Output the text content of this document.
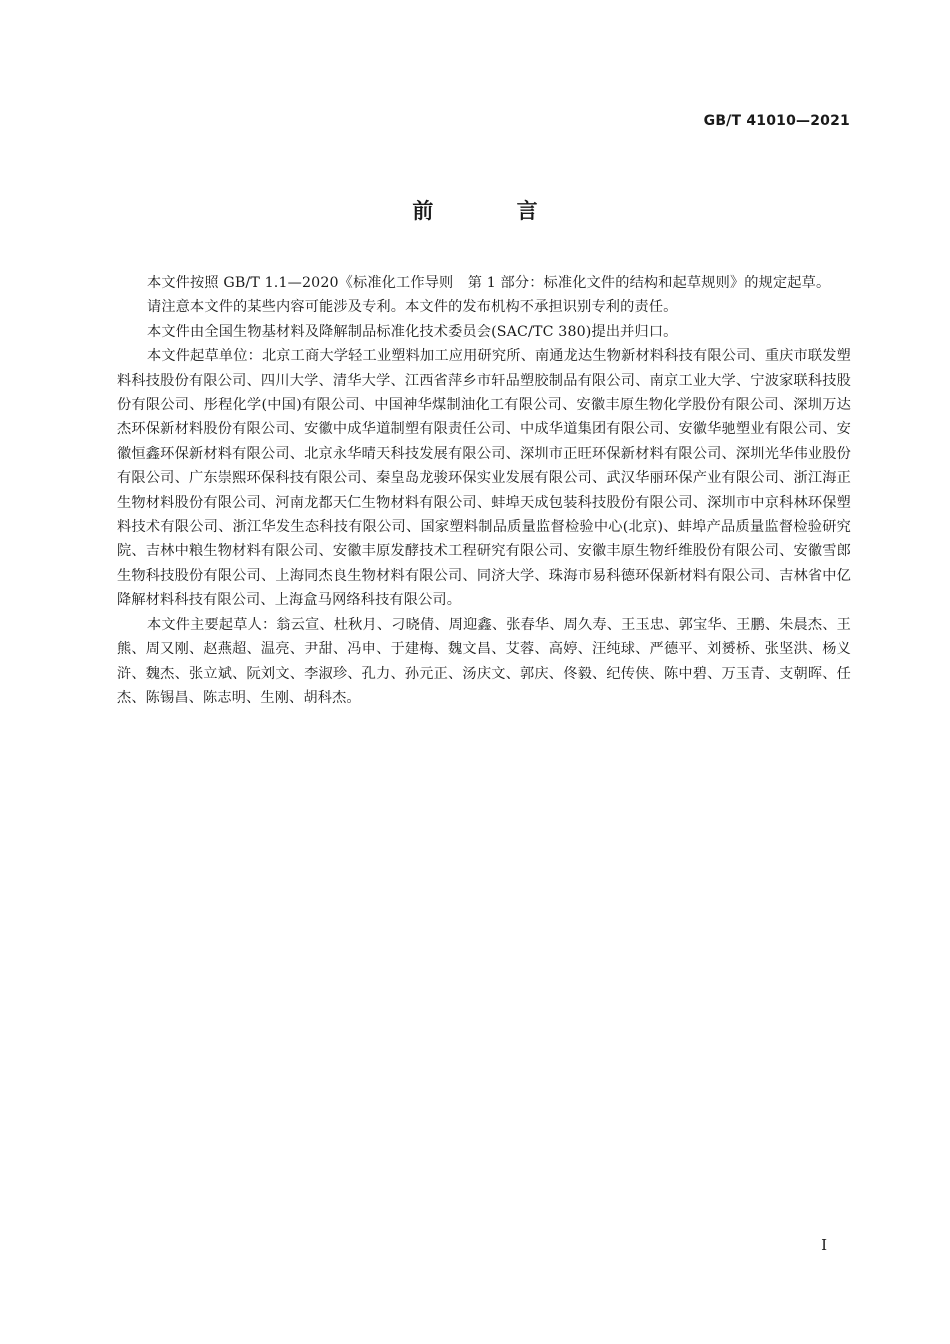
GB/T 41010—2021
前 言

本文件按照 GB/T 1.1—2020《标准化工作导则　第 1 部分：标准化文件的结构和起草规则》的规定起草。

请注意本文件的某些内容可能涉及专利。本文件的发布机构不承担识别专利的责任。

本文件由全国生物基材料及降解制品标准化技术委员会(SAC/TC 380)提出并归口。

本文件起草单位：北京工商大学轻工业塑料加工应用研究所、南通龙达生物新材料科技有限公司、重庆市联发塑料科技股份有限公司、四川大学、清华大学、江西省萍乡市轩品塑胶制品有限公司、南京工业大学、宁波家联科技股份有限公司、彤程化学(中国)有限公司、中国神华煤制油化工有限公司、安徽丰原生物化学股份有限公司、深圳万达杰环保新材料股份有限公司、安徽中成华道制塑有限责任公司、中成华道集团有限公司、安徽华驰塑业有限公司、安徽恒鑫环保新材料有限公司、北京永华晴天科技发展有限公司、深圳市正旺环保新材料有限公司、深圳光华伟业股份有限公司、广东崇熙环保科技有限公司、秦皇岛龙骏环保实业发展有限公司、武汉华丽环保产业有限公司、浙江海正生物材料股份有限公司、河南龙都天仁生物材料有限公司、蚌埠天成包装科技股份有限公司、深圳市中京科林环保塑料技术有限公司、浙江华发生态科技有限公司、国家塑料制品质量监督检验中心(北京)、蚌埠产品质量监督检验研究院、吉林中粮生物材料有限公司、安徽丰原发酵技术工程研究有限公司、安徽丰原生物纤维股份有限公司、安徽雪郎生物科技股份有限公司、上海同杰良生物材料有限公司、同济大学、珠海市易科德环保新材料有限公司、吉林省中亿降解材料科技有限公司、上海盒马网络科技有限公司。

本文件主要起草人：翁云宣、杜秋月、刁晓倩、周迎鑫、张春华、周久寿、王玉忠、郭宝华、王鹏、朱晨杰、王熊、周又刚、赵燕超、温亮、尹甜、冯申、于建梅、魏文昌、艾蓉、高婷、汪纯球、严德平、刘赟桥、张坚洪、杨义浒、魏杰、张立斌、阮刘文、李淑珍、孔力、孙元正、汤庆文、郭庆、佟毅、纪传侠、陈中碧、万玉青、支朝晖、任杰、陈锡昌、陈志明、生刚、胡科杰。

I
